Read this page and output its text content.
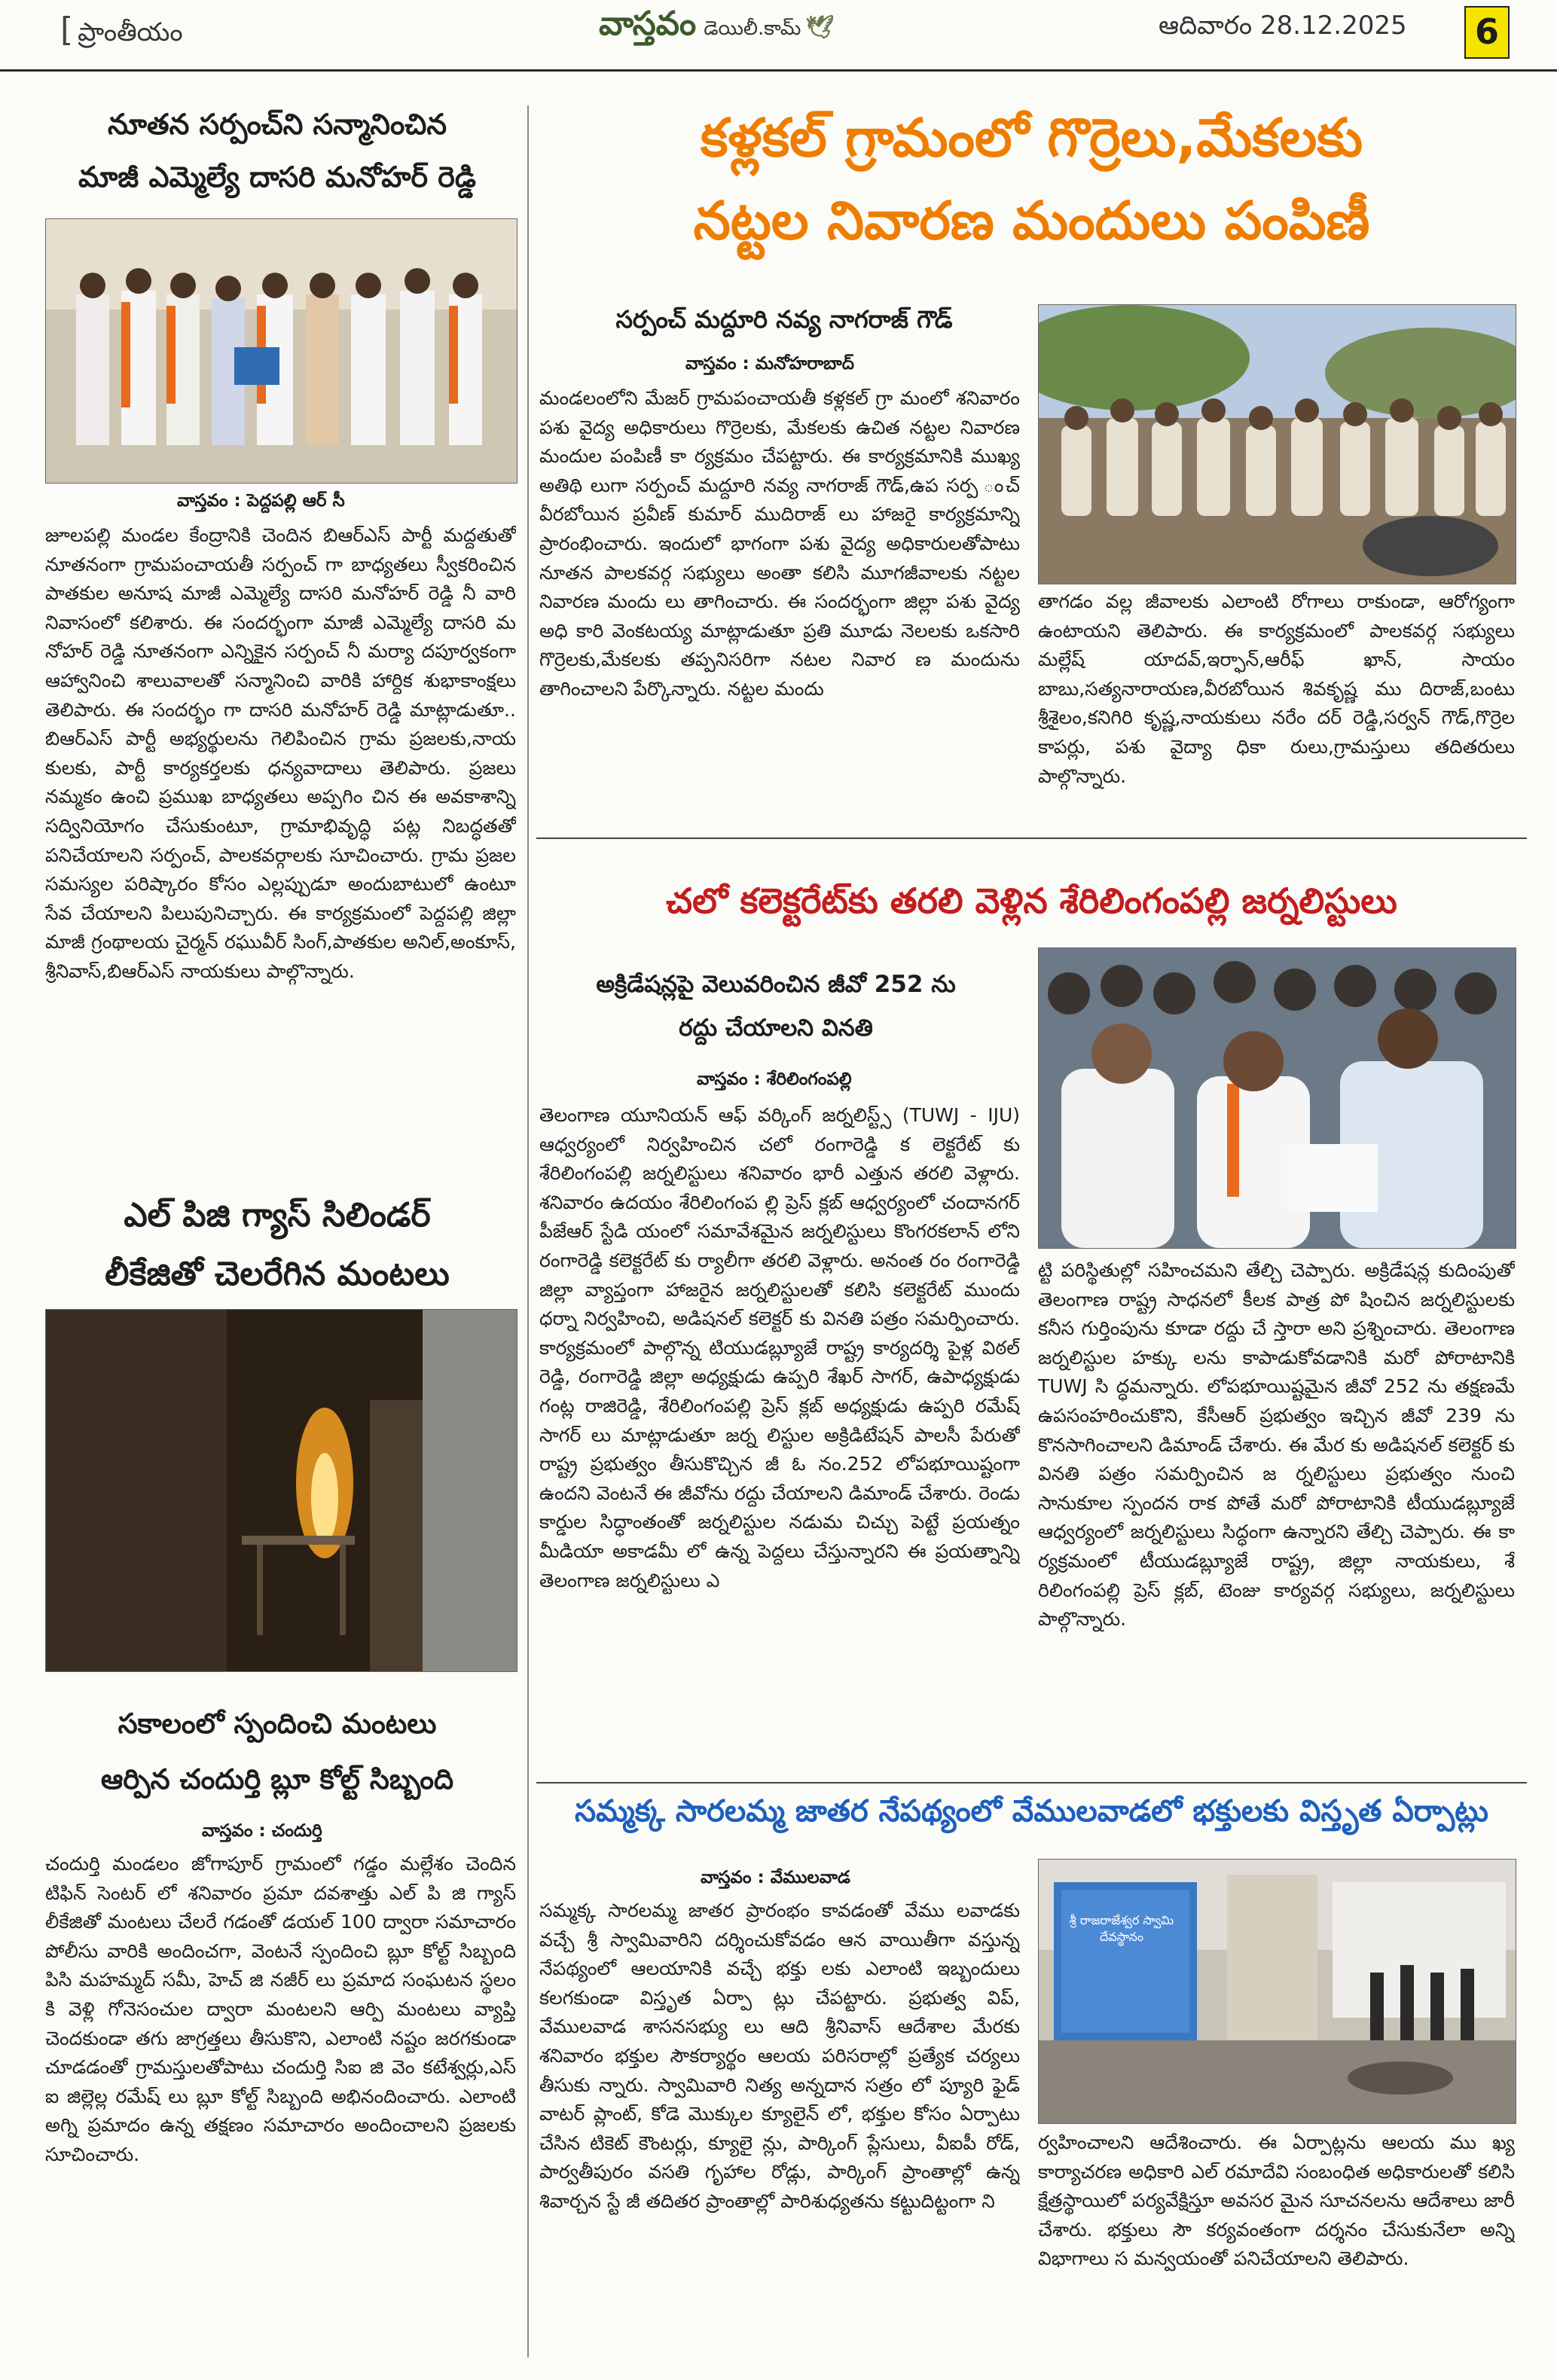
[ ప్రాంతీయం	వాస్తవం డెయిలీ.కామ్ 🕊	ఆదివారం 28.12.2025	6
కళ్లకల్ గ్రామంలో గొర్రెలు,మేకలకు
నట్టల నివారణ మందులు పంపిణీ
సర్పంచ్ మద్దూరి నవ్య నాగరాజ్ గౌడ్
వాస్తవం : మనోహరాబాద్
మండలంలోని మేజర్ గ్రామపంచాయతీ కళ్లకల్ గ్రా మంలో శనివారం పశు వైద్య అధికారులు గొర్రెలకు, మేకలకు ఉచిత నట్టల నివారణ మందుల పంపిణీ కా ర్యక్రమం చేపట్టారు. ఈ కార్యక్రమానికి ముఖ్య అతిథి లుగా సర్పంచ్ మద్దూరి నవ్య నాగరాజ్ గౌడ్,ఉప సర్ప ంచ్ వీరబోయిన ప్రవీణ్ కుమార్ ముదిరాజ్ లు హాజరై కార్యక్రమాన్ని ప్రారంభించారు. ఇందులో భాగంగా పశు వైద్య అధికారులతోపాటు నూతన పాలకవర్గ సభ్యులు అంతా కలిసి మూగజీవాలకు నట్టల నివారణ మందు లు తాగించారు. ఈ సందర్భంగా జిల్లా పశు వైద్య అధి కారి వెంకటయ్య మాట్లాడుతూ ప్రతి మూడు నెలలకు ఒకసారి గొర్రెలకు,మేకలకు తప్పనిసరిగా నటల నివార ణ మందును తాగించాలని పేర్కొన్నారు. నట్టల మందు
తాగడం వల్ల జీవాలకు ఎలాంటి రోగాలు రాకుండా, ఆరోగ్యంగా ఉంటాయని తెలిపారు. ఈ కార్యక్రమంలో పాలకవర్గ సభ్యులు మల్లేష్ యాదవ్,ఇర్ఫాన్,ఆరీఫ్ ఖాన్, సాయం బాబు,సత్యనారాయణ,వీరబోయిన శివకృష్ణ ము దిరాజ్,బంటు శ్రీశైలం,కనిగిరి కృష్ణ,నాయకులు నరేం దర్ రెడ్డి,సర్వన్ గౌడ్,గొర్రెల కాపర్లు, పశు వైద్యా ధికా రులు,గ్రామస్తులు తదితరులు పాల్గొన్నారు.
నూతన సర్పంచ్‌ని సన్మానించిన
మాజీ ఎమ్మెల్యే దాసరి మనోహర్ రెడ్డి
వాస్తవం : పెద్దపల్లి ఆర్ సీ
జూలపల్లి మండల కేంద్రానికి చెందిన బిఆర్ఎస్ పార్టీ మద్దతుతో నూతనంగా గ్రామపంచాయతీ సర్పంచ్ గా బాధ్యతలు స్వీకరించిన పాతకుల అనూష మాజీ ఎమ్మెల్యే దాసరి మనోహర్ రెడ్డి నీ వారి నివాసంలో కలిశారు. ఈ సందర్భంగా మాజీ ఎమ్మెల్యే దాసరి మ నోహర్ రెడ్డి నూతనంగా ఎన్నికైన సర్పంచ్ నీ మర్యా దపూర్వకంగా ఆహ్వానించి శాలువాలతో సన్మానించి వారికి హార్దిక శుభాకాంక్షలు తెలిపారు. ఈ సందర్భం గా దాసరి మనోహర్ రెడ్డి మాట్లాడుతూ.. బిఆర్ఎస్ పార్టీ అభ్యర్థులను గెలిపించిన గ్రామ ప్రజలకు,నాయ కులకు, పార్టీ కార్యకర్తలకు ధన్యవాదాలు తెలిపారు. ప్రజలు నమ్మకం ఉంచి ప్రముఖ బాధ్యతలు అప్పగిం చిన ఈ అవకాశాన్ని సద్వినియోగం చేసుకుంటూ, గ్రామాభివృద్ధి పట్ల నిబద్ధతతో పనిచేయాలని సర్పంచ్, పాలకవర్గాలకు సూచించారు. గ్రామ ప్రజల సమస్యల పరిష్కారం కోసం ఎల్లప్పుడూ అందుబాటులో ఉంటూ సేవ చేయాలని పిలుపునిచ్చారు. ఈ కార్యక్రమంలో పెద్దపల్లి జిల్లా మాజీ గ్రంథాలయ చైర్మన్ రఘువీర్ సింగ్,పాతకుల అనిల్,అంకూస్, శ్రీనివాస్,బిఆర్ఎస్ నాయకులు పాల్గొన్నారు.
ఎల్ పిజి గ్యాస్ సిలిండర్
లీకేజితో చెలరేగిన మంటలు
సకాలంలో స్పందించి మంటలు
ఆర్పిన చందుర్తి బ్లూ కోల్ట్ సిబ్బంది
వాస్తవం : చందుర్తి
చందుర్తి మండలం జోగాపూర్ గ్రామంలో గడ్డం మల్లేశం చెందిన టిఫిన్ సెంటర్ లో శనివారం ప్రమా దవశాత్తు ఎల్ పి జి గ్యాస్ లీకేజితో మంటలు చేలరే గడంతో డయల్ 100 ద్వారా సమాచారం పోలీసు వారికి అందించగా, వెంటనే స్పందించి బ్లూ కోల్ట్ సిబ్బంది పిసి మహమ్మద్ సమీ, హెచ్ జి నజీర్ లు ప్రమాద సంఘటన స్థలం కి వెళ్లి గోనెసంచుల ద్వారా మంటలని ఆర్పి మంటలు వ్యాప్తి చెందకుండా తగు జాగ్రత్తలు తీసుకొని, ఎలాంటి నష్టం జరగకుండా చూడడంతో గ్రామస్తులతోపాటు చందుర్తి సిఐ జి వెం కటేశ్వర్లు,ఎస్ ఐ జిల్లెల్ల రమేష్ లు బ్లూ కోల్ట్ సిబ్బంది అభినందించారు. ఎలాంటి అగ్ని ప్రమాదం ఉన్న తక్షణం సమాచారం అందించాలని ప్రజలకు సూచించారు.
చలో కలెక్టరేట్‌కు తరలి వెళ్లిన శేరిలింగంపల్లి జర్నలిస్టులు
అక్రిడేషన్లపై వెలువరించిన జీవో 252 ను
రద్దు చేయాలని వినతి
వాస్తవం : శేరిలింగంపల్లి
తెలంగాణ యూనియన్ ఆఫ్ వర్కింగ్ జర్నలిస్ట్స్ (TUWJ - IJU) ఆధ్వర్యంలో నిర్వహించిన చలో రంగారెడ్డి క లెక్టరేట్ కు శేరిలింగంపల్లి జర్నలిస్టులు శనివారం భారీ ఎత్తున తరలి వెళ్లారు. శనివారం ఉదయం శేరిలింగంప ల్లి ప్రెస్ క్లబ్ ఆధ్వర్యంలో చందానగర్ పీజేఆర్ స్టేడి యంలో సమావేశమైన జర్నలిస్టులు కొంగరకలాన్ లోని రంగారెడ్డి కలెక్టరేట్ కు ర్యాలీగా తరలి వెళ్లారు. అనంత రం రంగారెడ్డి జిల్లా వ్యాప్తంగా హాజరైన జర్నలిస్టులతో కలిసి కలెక్టరేట్ ముందు ధర్నా నిర్వహించి, అడిషనల్ కలెక్టర్ కు వినతి పత్రం సమర్పించారు. కార్యక్రమంలో పాల్గొన్న టియుడబ్ల్యూజే రాష్ట్ర కార్యదర్శి పైళ్ల విఠల్ రెడ్డి, రంగారెడ్డి జిల్లా అధ్యక్షుడు ఉప్పరి శేఖర్ సాగర్, ఉపాధ్యక్షుడు గంట్ల రాజిరెడ్డి, శేరిలింగంపల్లి ప్రెస్ క్లబ్ అధ్యక్షుడు ఉప్పరి రమేష్ సాగర్ లు మాట్లాడుతూ జర్న లిస్టుల అక్రిడిటేషన్ పాలసీ పేరుతో రాష్ట్ర ప్రభుత్వం తీసుకొచ్చిన జీ ఓ నం.252 లోపభూయిష్టంగా ఉందని వెంటనే ఈ జీవోను రద్దు చేయాలని డిమాండ్ చేశారు. రెండు కార్డుల సిద్ధాంతంతో జర్నలిస్టుల నడుమ చిచ్చు పెట్టే ప్రయత్నం మీడియా అకాడమీ లో ఉన్న పెద్దలు చేస్తున్నారని ఈ ప్రయత్నాన్ని తెలంగాణ జర్నలిస్టులు ఎ
ట్టి పరిస్థితుల్లో సహించమని తేల్చి చెప్పారు. అక్రిడేషన్ల కుదింపుతో తెలంగాణ రాష్ట్ర సాధనలో కీలక పాత్ర పో షించిన జర్నలిస్టులకు కనీస గుర్తింపును కూడా రద్దు చే స్తారా అని ప్రశ్నించారు. తెలంగాణ జర్నలిస్టుల హక్కు లను కాపాడుకోవడానికి మరో పోరాటానికి TUWJ సి ద్ధమన్నారు. లోపభూయిష్టమైన జీవో 252 ను తక్షణమే ఉపసంహరించుకొని, కేసీఆర్ ప్రభుత్వం ఇచ్చిన జీవో 239 ను కొనసాగించాలని డిమాండ్ చేశారు. ఈ మేర కు అడిషనల్ కలెక్టర్ కు వినతి పత్రం సమర్పించిన జ ర్నలిస్టులు ప్రభుత్వం నుంచి సానుకూల స్పందన రాక పోతే మరో పోరాటానికి టీయుడబ్ల్యూజే ఆధ్వర్యంలో జర్నలిస్టులు సిద్ధంగా ఉన్నారని తేల్చి చెప్పారు. ఈ కా ర్యక్రమంలో టీయుడబ్ల్యూజే రాష్ట్ర, జిల్లా నాయకులు, శే రిలింగంపల్లి ప్రెస్ క్లబ్, టెంజు కార్యవర్గ సభ్యులు, జర్నలిస్టులు పాల్గొన్నారు.
సమ్మక్క సారలమ్మ జాతర నేపథ్యంలో వేములవాడలో భక్తులకు విస్తృత ఏర్పాట్లు
వాస్తవం : వేములవాడ
సమ్మక్క సారలమ్మ జాతర ప్రారంభం కావడంతో వేము లవాడకు వచ్చే శ్రీ స్వామివారిని దర్శించుకోవడం ఆన వాయితీగా వస్తున్న నేపథ్యంలో ఆలయానికి వచ్చే భక్తు లకు ఎలాంటి ఇబ్బందులు కలగకుండా విస్తృత ఏర్పా ట్లు చేపట్టారు. ప్రభుత్వ విప్, వేములవాడ శాసనసభ్యు లు ఆది శ్రీనివాస్ ఆదేశాల మేరకు శనివారం భక్తుల సౌకర్యార్థం ఆలయ పరిసరాల్లో ప్రత్యేక చర్యలు తీసుకు న్నారు. స్వామివారి నిత్య అన్నదాన సత్రం లో ప్యూరి ఫైడ్ వాటర్ ప్లాంట్, కోడె మొక్కుల క్యూలైన్ లో, భక్తుల కోసం ఏర్పాటు చేసిన టికెట్ కౌంటర్లు, క్యూలై న్లు, పార్కింగ్ ప్లేసులు, వీఐపీ రోడ్, పార్వతీపురం వసతి గృహాల రోడ్లు, పార్కింగ్ ప్రాంతాల్లో ఉన్న శివార్చన స్టే జీ తదితర ప్రాంతాల్లో పారిశుధ్యతను కట్టుదిట్టంగా ని
శ్రీ రాజరాజేశ్వర స్వామి దేవస్థానం
ర్వహించాలని ఆదేశించారు. ఈ ఏర్పాట్లను ఆలయ ము ఖ్య కార్యాచరణ అధికారి ఎల్ రమాదేవి సంబంధిత అధికారులతో కలిసి క్షేత్రస్థాయిలో పర్యవేక్షిస్తూ అవసర మైన సూచనలను ఆదేశాలు జారీ చేశారు. భక్తులు సౌ కర్యవంతంగా దర్శనం చేసుకునేలా అన్ని విభాగాలు స మన్వయంతో పనిచేయాలని తెలిపారు.
